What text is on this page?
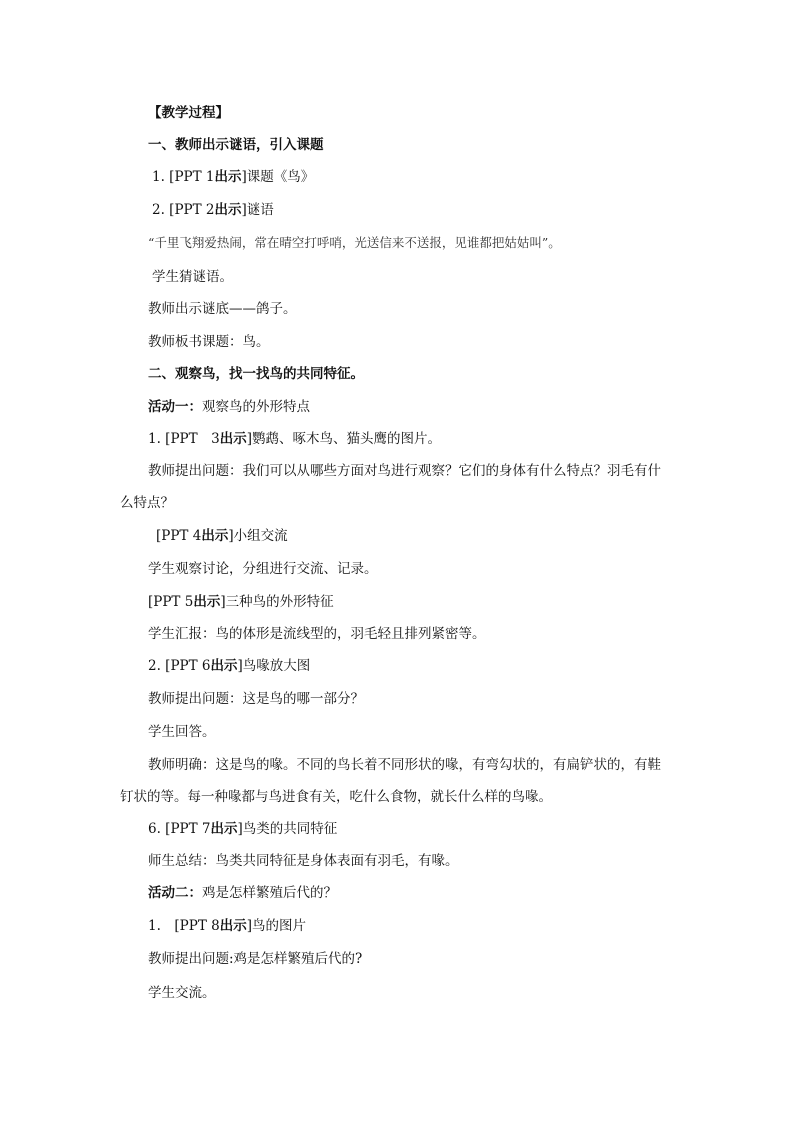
【教学过程】
一、教师出示谜语，引入课题
1. [PPT 1出示]课题《鸟》
2. [PPT 2出示]谜语
“千里飞翔爱热闹，常在晴空打呼哨，光送信来不送报，见谁都把姑姑叫”。
学生猜谜语。
教师出示谜底——鸽子。
教师板书课题：鸟。
二、观察鸟，找一找鸟的共同特征。
活动一：观察鸟的外形特点
1. [PPT　3出示]鹦鹉、啄木鸟、猫头鹰的图片。
教师提出问题：我们可以从哪些方面对鸟进行观察？它们的身体有什么特点？羽毛有什
么特点？
[PPT 4出示]小组交流
学生观察讨论，分组进行交流、记录。
[PPT 5出示]三种鸟的外形特征
学生汇报：鸟的体形是流线型的，羽毛轻且排列紧密等。
2. [PPT 6出示]鸟喙放大图
教师提出问题：这是鸟的哪一部分？
学生回答。
教师明确：这是鸟的喙。不同的鸟长着不同形状的喙，有弯勾状的，有扁铲状的，有鞋
钉状的等。每一种喙都与鸟进食有关，吃什么食物，就长什么样的鸟喙。
6. [PPT 7出示]鸟类的共同特征
师生总结：鸟类共同特征是身体表面有羽毛，有喙。
活动二：鸡是怎样繁殖后代的？
1.　[PPT 8出示]鸟的图片
教师提出问题:鸡是怎样繁殖后代的?
学生交流。
